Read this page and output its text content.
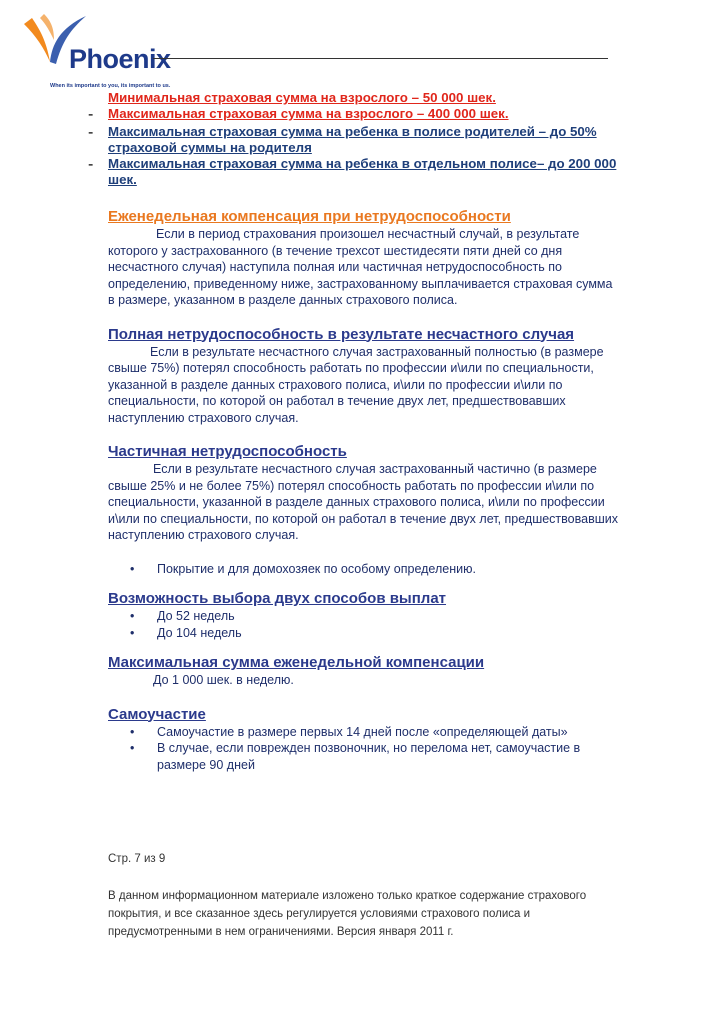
Phoenix
When its important to you, its important to us.
Минимальная страховая сумма на взрослого – 50 000 шек.
-	Максимальная страховая сумма на взрослого – 400 000 шек.
-	Максимальная страховая сумма на ребенка в полисе родителей – до 50% страховой суммы на родителя
-	Максимальная страховая сумма на ребенка в отдельном полисе– до 200 000 шек.
Еженедельная компенсация при нетрудоспособности

Если в период страхования произошел несчастный случай, в результате которого у застрахованного (в течение трехсот шестидесяти пяти дней со дня несчастного случая) наступила полная или частичная нетрудоспособность по определению, приведенному ниже, застрахованному выплачивается страховая сумма в размере, указанном в разделе данных страхового полиса.

Полная нетрудоспособность в результате несчастного случая

Если в результате несчастного случая застрахованный полностью (в размере свыше 75%) потерял способность работать по профессии и\или по специальности, указанной в разделе данных страхового полиса, и\или по профессии и\или по специальности, по которой он работал в течение двух лет, предшествовавших наступлению страхового случая.

Частичная нетрудоспособность

Если в результате несчастного случая застрахованный частично (в размере свыше 25% и не более 75%) потерял способность работать по профессии и\или по специальности, указанной в разделе данных страхового полиса, и\или по профессии и\или по специальности, по которой он работал в течение двух лет, предшествовавших наступлению страхового случая.

•	Покрытие и для домохозяек по особому определению.
Возможность выбора двух способов выплат
•	До 52 недель
•	До 104 недель
Максимальная сумма еженедельной компенсации

До 1 000 шек. в неделю.

Самоучастие
•	Самоучастие в размере первых 14 дней после «определяющей даты»
•	В случае, если поврежден позвоночник, но перелома нет, самоучастие в размере 90 дней
Стр. 7 из 9
В данном информационном материале изложено только краткое содержание страхового покрытия, и все сказанное здесь регулируется условиями страхового полиса и предусмотренными в нем ограничениями. Версия января 2011 г.
